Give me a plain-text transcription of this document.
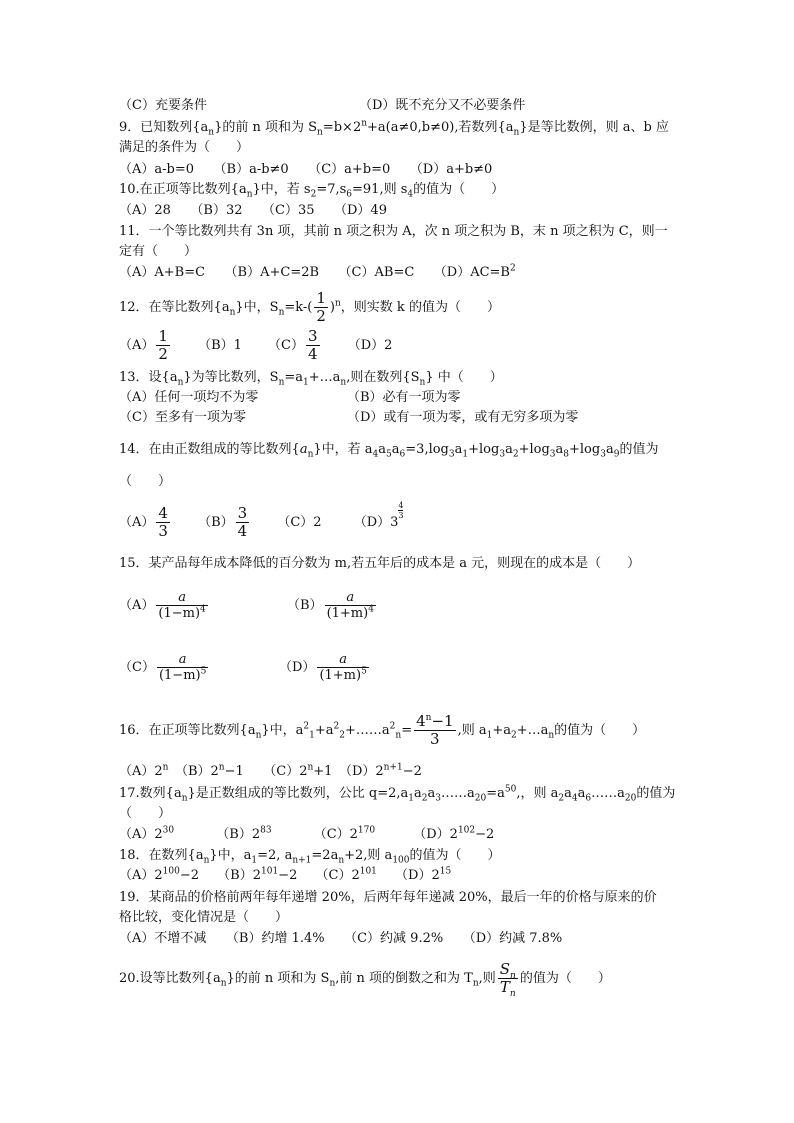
（C）充要条件	（D）既不充分又不必要条件
9．已知数列$\{a_n\}$的前 n 项和为 $S_n=b\times 2^n+a(a\ne 0,b\ne 0)$,若数列$\{a_n\}$是等比数例，则 a、b 应
满足的条件为（　　）
（A）a-b=0　　（B）a-b≠0　　（C）a+b=0　　（D）a+b≠0
10.在正项等比数列$\{a_n\}$中，若 $s_2=7,s_6=91$,则 $s_4$的值为（　　）
（A）28　　（B）32　　（C）35　　（D）49
11．一个等比数列共有 3n 项，其前 n 项之积为 A，次 n 项之积为 B，末 n 项之积为 C，则一
定有（　　）
（A）A+B=C　　（B）A+C=2B　　（C）AB=C　　$(D)AC=B^2$
12．在等比数列$\{a_n\}$中，$S_n=k-( \frac{1}{2} )^n$，则实数 k 的值为（　　）
$(A) \frac{1}{2} (B)1$ $(C) \frac{3}{4} (D)2$
13．设$\{a_n\}$为等比数列，$S_n=a_1+\dots a_n$,则在数列$\{S_n\}$ 中（　　）
（A）任何一项均不为零	（B）必有一项为零
（C）至多有一项为零	（D）或有一项为零，或有无穷多项为零
14．在由正数组成的等比数列$\{a_n\}$中，若 $a_4a_5a_6=3,\log_3a_1+\log_3a_2+\log_3a_8+\log_3a_9$的值为
（　　）
$(A) \frac{4}{3} (B) \frac{3}{4} (C)2$ （D）3
$\frac{4}{3}$
15．某产品每年成本降低的百分数为 m,若五年后的成本是 a 元，则现在的成本是（　　）
$(A) \frac{a}{(1-m)^4}$	$(B) \frac{a}{(1+m)^4}$
$(C) \frac{a}{(1-m)^5}$	$(D) \frac{a}{(1+m)^5}$
16．在正项等比数列$\{a_n\}$中，$a^2_1+a^2_2+\dots\dots a^2_n= \frac{4^n-1}{3}$ ,则 $a_1+a_2+\dots a_n$的值为（　　）
（A）2$^n$　$(B)2^n-1$　　$(C)2^n+1$　$(D)2^{n+1}-2$
17.数列$\{a_n\}$是正数组成的等比数列，公比 $q=2,a_1a_2a_3\dots\dots a_{20}=a^{50}$,，则 $a_2a_4a_6\dots\dots a_{20}$的值为
（　　）
$(A)2^{30}$	$(B)2^{83}$	$(C)2^{170}$	$(D)2^{102}-2$
18．在数列$\{a_n\}$中，$a_1=2$, $a_{n+1}=2a_n+2$,则 $a_{100}$的值为（　　）
$(A)2^{100}-2$ $(B)2^{101}-2$ $(C)2^{101}$ $(D)2^{15}$
19．某商品的价格前两年每年递增 20%，后两年每年递减 20%，最后一年的价格与原来的价
格比较，变化情况是（　　）
（A）不增不减　　（B）约增 1.4%　　（C）约减 9.2%　　（D）约减 7.8%
20.设等比数列$\{a_n\}$的前 n 项和为 $S_n$,前 n 项的倒数之和为 $T_n$,则 $\frac{S_n}{T_n}$ 的值为（　　）
